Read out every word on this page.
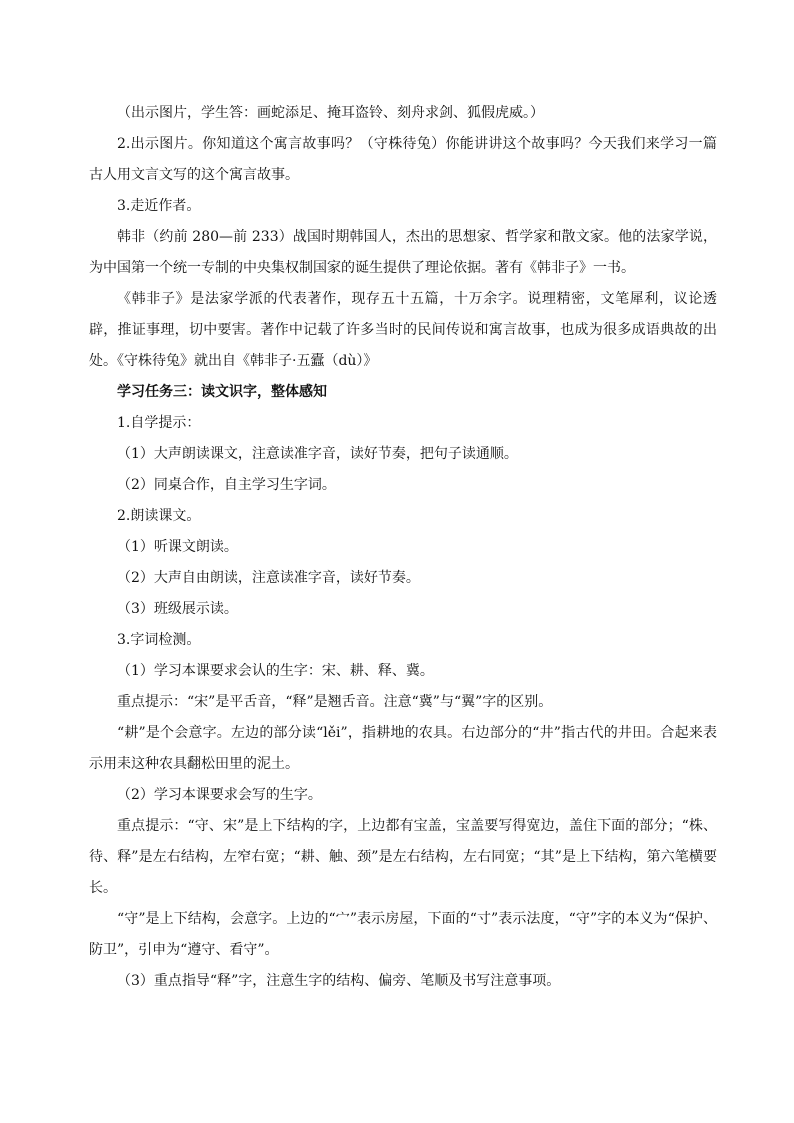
（出示图片，学生答：画蛇添足、掩耳盗铃、刻舟求剑、狐假虎威。）

2.出示图片。你知道这个寓言故事吗？（守株待兔）你能讲讲这个故事吗？今天我们来学习一篇古人用文言文写的这个寓言故事。

3.走近作者。

韩非（约前 280—前 233）战国时期韩国人，杰出的思想家、哲学家和散文家。他的法家学说，为中国第一个统一专制的中央集权制国家的诞生提供了理论依据。著有《韩非子》一书。

《韩非子》是法家学派的代表著作，现存五十五篇，十万余字。说理精密，文笔犀利，议论透辟，推证事理，切中要害。著作中记载了许多当时的民间传说和寓言故事，也成为很多成语典故的出处。《守株待兔》就出自《韩非子·五蠹（dù）》

学习任务三：读文识字，整体感知

1.自学提示：

（1）大声朗读课文，注意读准字音，读好节奏，把句子读通顺。

（2）同桌合作，自主学习生字词。

2.朗读课文。

（1）听课文朗读。

（2）大声自由朗读，注意读准字音，读好节奏。

（3）班级展示读。

3.字词检测。

（1）学习本课要求会认的生字：宋、耕、释、冀。

重点提示：“宋”是平舌音，“释”是翘舌音。注意“冀”与“翼”字的区别。

“耕”是个会意字。左边的部分读“lěi”，指耕地的农具。右边部分的“井”指古代的井田。合起来表示用耒这种农具翻松田里的泥土。

（2）学习本课要求会写的生字。

重点提示：“守、宋”是上下结构的字，上边都有宝盖，宝盖要写得宽边，盖住下面的部分；“株、待、释”是左右结构，左窄右宽；“耕、触、颈”是左右结构，左右同宽；“其”是上下结构，第六笔横要长。

“守”是上下结构，会意字。上边的“宀”表示房屋，下面的“寸”表示法度，“守”字的本义为“保护、防卫”，引申为“遵守、看守”。

（3）重点指导“释”字，注意生字的结构、偏旁、笔顺及书写注意事项。
